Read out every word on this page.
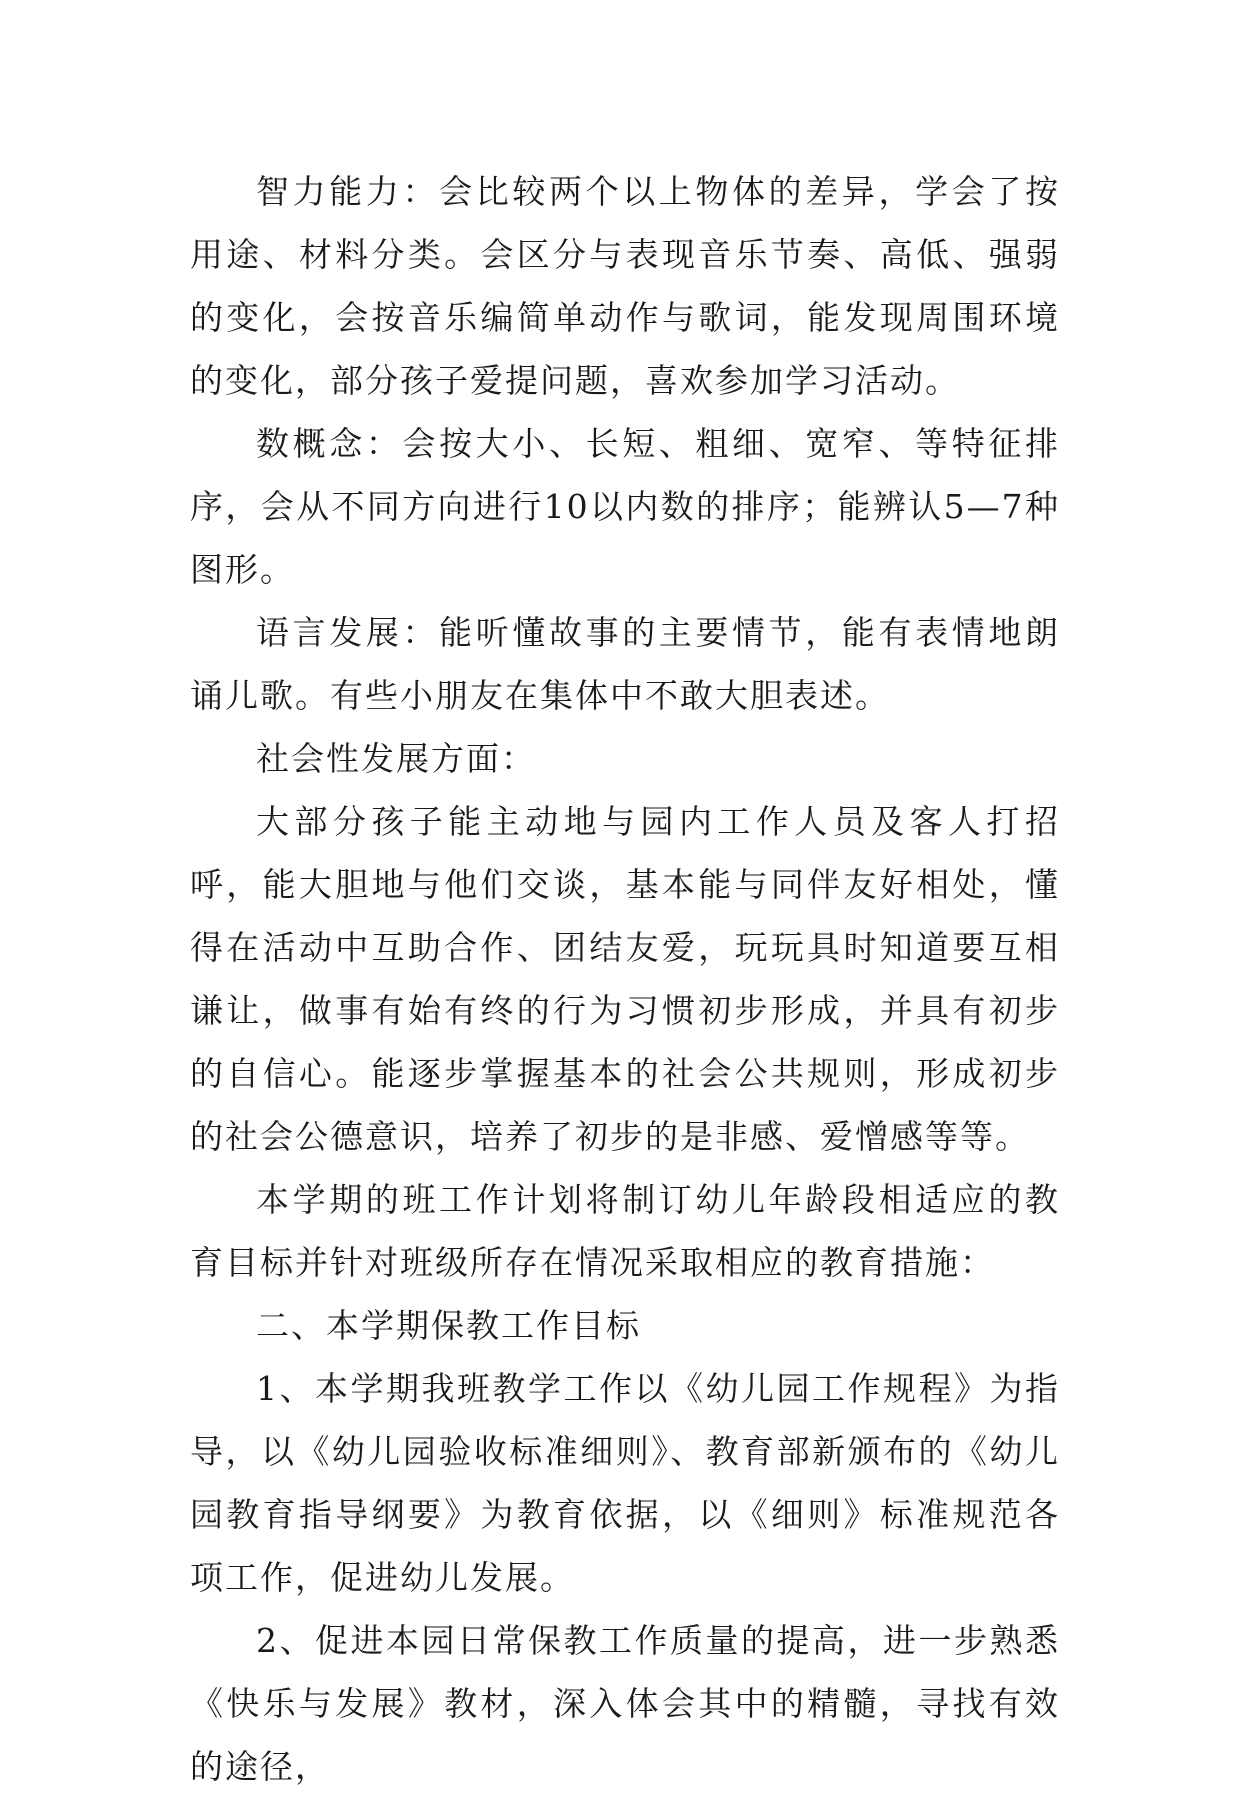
智力能力：会比较两个以上物体的差异，学会了按用途、材料分类。会区分与表现音乐节奏、高低、强弱的变化，会按音乐编简单动作与歌词，能发现周围环境的变化，部分孩子爱提问题，喜欢参加学习活动。

数概念：会按大小、长短、粗细、宽窄、等特征排序，会从不同方向进行10以内数的排序；能辨认5—7种图形。

语言发展：能听懂故事的主要情节，能有表情地朗诵儿歌。有些小朋友在集体中不敢大胆表述。

社会性发展方面：

大部分孩子能主动地与园内工作人员及客人打招呼，能大胆地与他们交谈，基本能与同伴友好相处，懂得在活动中互助合作、团结友爱，玩玩具时知道要互相谦让，做事有始有终的行为习惯初步形成，并具有初步的自信心。能逐步掌握基本的社会公共规则，形成初步的社会公德意识，培养了初步的是非感、爱憎感等等。

本学期的班工作计划将制订幼儿年龄段相适应的教育目标并针对班级所存在情况采取相应的教育措施：

二、本学期保教工作目标

1、本学期我班教学工作以《幼儿园工作规程》为指导，以《幼儿园验收标准细则》、教育部新颁布的《幼儿园教育指导纲要》为教育依据，以《细则》标准规范各项工作，促进幼儿发展。

2、促进本园日常保教工作质量的提高，进一步熟悉《快乐与发展》教材，深入体会其中的精髓，寻找有效的途径，
